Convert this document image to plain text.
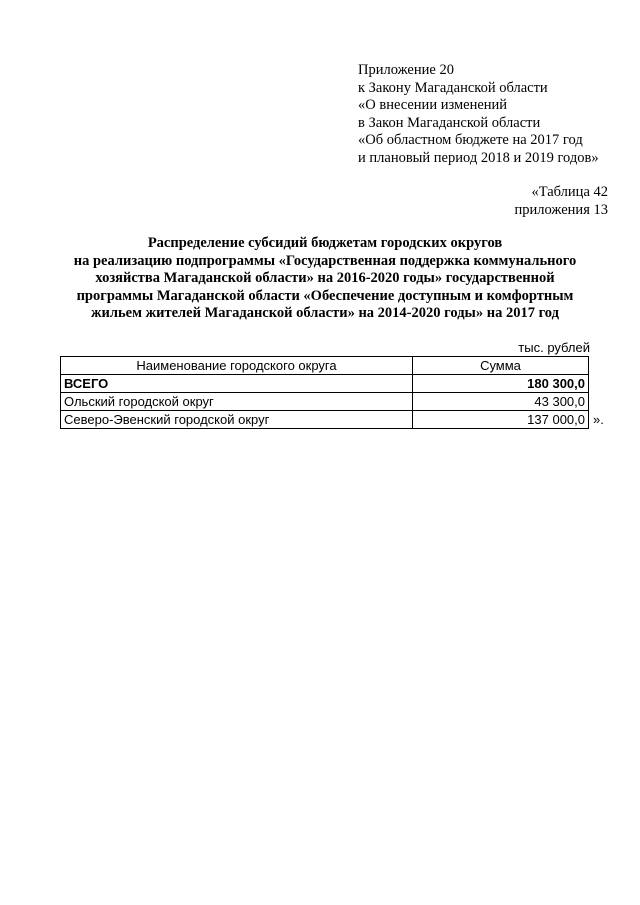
Приложение 20
к Закону Магаданской области
«О внесении изменений
в Закон Магаданской области
«Об областном бюджете на 2017 год
и плановый период 2018 и 2019 годов»
«Таблица 42
приложения 13
Распределение субсидий бюджетам городских округов
на реализацию подпрограммы «Государственная поддержка коммунального
хозяйства Магаданской области» на 2016-2020 годы» государственной
программы Магаданской области «Обеспечение доступным и комфортным
жильем жителей Магаданской области» на 2014-2020 годы» на 2017 год
тыс. рублей
Наименование городского округа	Сумма
ВСЕГО	180 300,0
Ольский городской округ	43 300,0
Северо-Эвенский городской округ	137 000,0 ».
